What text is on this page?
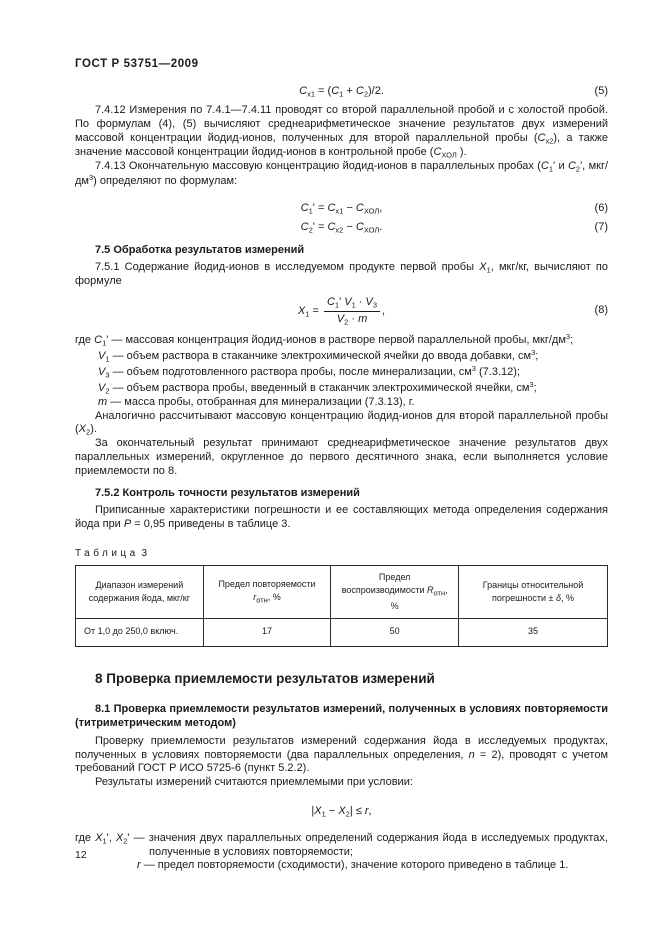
ГОСТ Р 53751—2009
$C_{x1} = (C_1 + C_2)/2$.	(5)

7.4.12 Измерения по 7.4.1—7.4.11 проводят со второй параллельной пробой и с холостой пробой. По формулам (4), (5) вычисляют среднеарифметическое значение результатов двух измерений массовой концентрации йодид-ионов, полученных для второй параллельной пробы $(C_{х2})$, а также значение массовой концентрации йодид-ионов в контрольной пробе ($C_{ХОЛ}$ ).

7.4.13 Окончательную массовую концентрацию йодид-ионов в параллельных пробах ($C_1'$ и $C_2'$, мкг/$дм^3$) определяют по формулам:

$C_1' = C_{x1} - C_{ХОЛ}$,	(6)
$C_2' = C_{x2} - C_{ХОЛ}$.	(7)
7.5 Обработка результатов измерений

7.5.1 Содержание йодид-ионов в исследуемом продукте первой пробы $X_1$, мкг/кг, вычисляют по формуле

$X_1 = \frac{C_1' V_1 \cdot V_3}{V_2 \cdot m}$ ,	(8)
где $C_1'$ — массовая концентрация йодид-ионов в растворе первой параллельной пробы, мкг/$дм^3$;
$V_1$ — объем раствора в стаканчике электрохимической ячейки до ввода добавки, $см^3$;
$V_3$ — объем подготовленного раствора пробы, после минерализации, $см^3$ (7.3.12);
$V_2$ — объем раствора пробы, введенный в стаканчик электрохимической ячейки, $см^3$;
m — масса пробы, отобранная для минерализации (7.3.13), г.

Аналогично рассчитывают массовую концентрацию йодид-ионов для второй параллельной пробы $(X_2)$.

За окончательный результат принимают среднеарифметическое значение результатов двух параллельных измерений, округленное до первого десятичного знака, если выполняется условие приемлемости по 8.

7.5.2 Контроль точности результатов измерений

Приписанные характеристики погрешности и ее составляющих метода определения содержания йода при P = 0,95 приведены в таблице 3.

Таблица 3
Диапазон измерений содержания йода, мкг/кг	Предел повторяемости $r_{отн}$, %	Предел воспроизводимости $R_{отн}$, %	Границы относительной погрешности ± δ, %
От 1,0 до 250,0 включ.	17	50	35
8 Проверка приемлемости результатов измерений
8.1 Проверка приемлемости результатов измерений, полученных в условиях повторяемости (титриметрическим методом)

Проверку приемлемости результатов измерений содержания йода в исследуемых продуктах, полученных в условиях повторяемости (два параллельных определения, n = 2), проводят с учетом требований ГОСТ Р ИСО 5725-6 (пункт 5.2.2).

Результаты измерений считаются приемлемыми при условии:

$|X_1 - X_2| \le r$,
где $X_1'$, $X_2'$ — значения двух параллельных определений содержания йода в исследуемых продуктах, полученные в условиях повторяемости;
r — предел повторяемости (сходимости), значение которого приведено в таблице 1.
12
